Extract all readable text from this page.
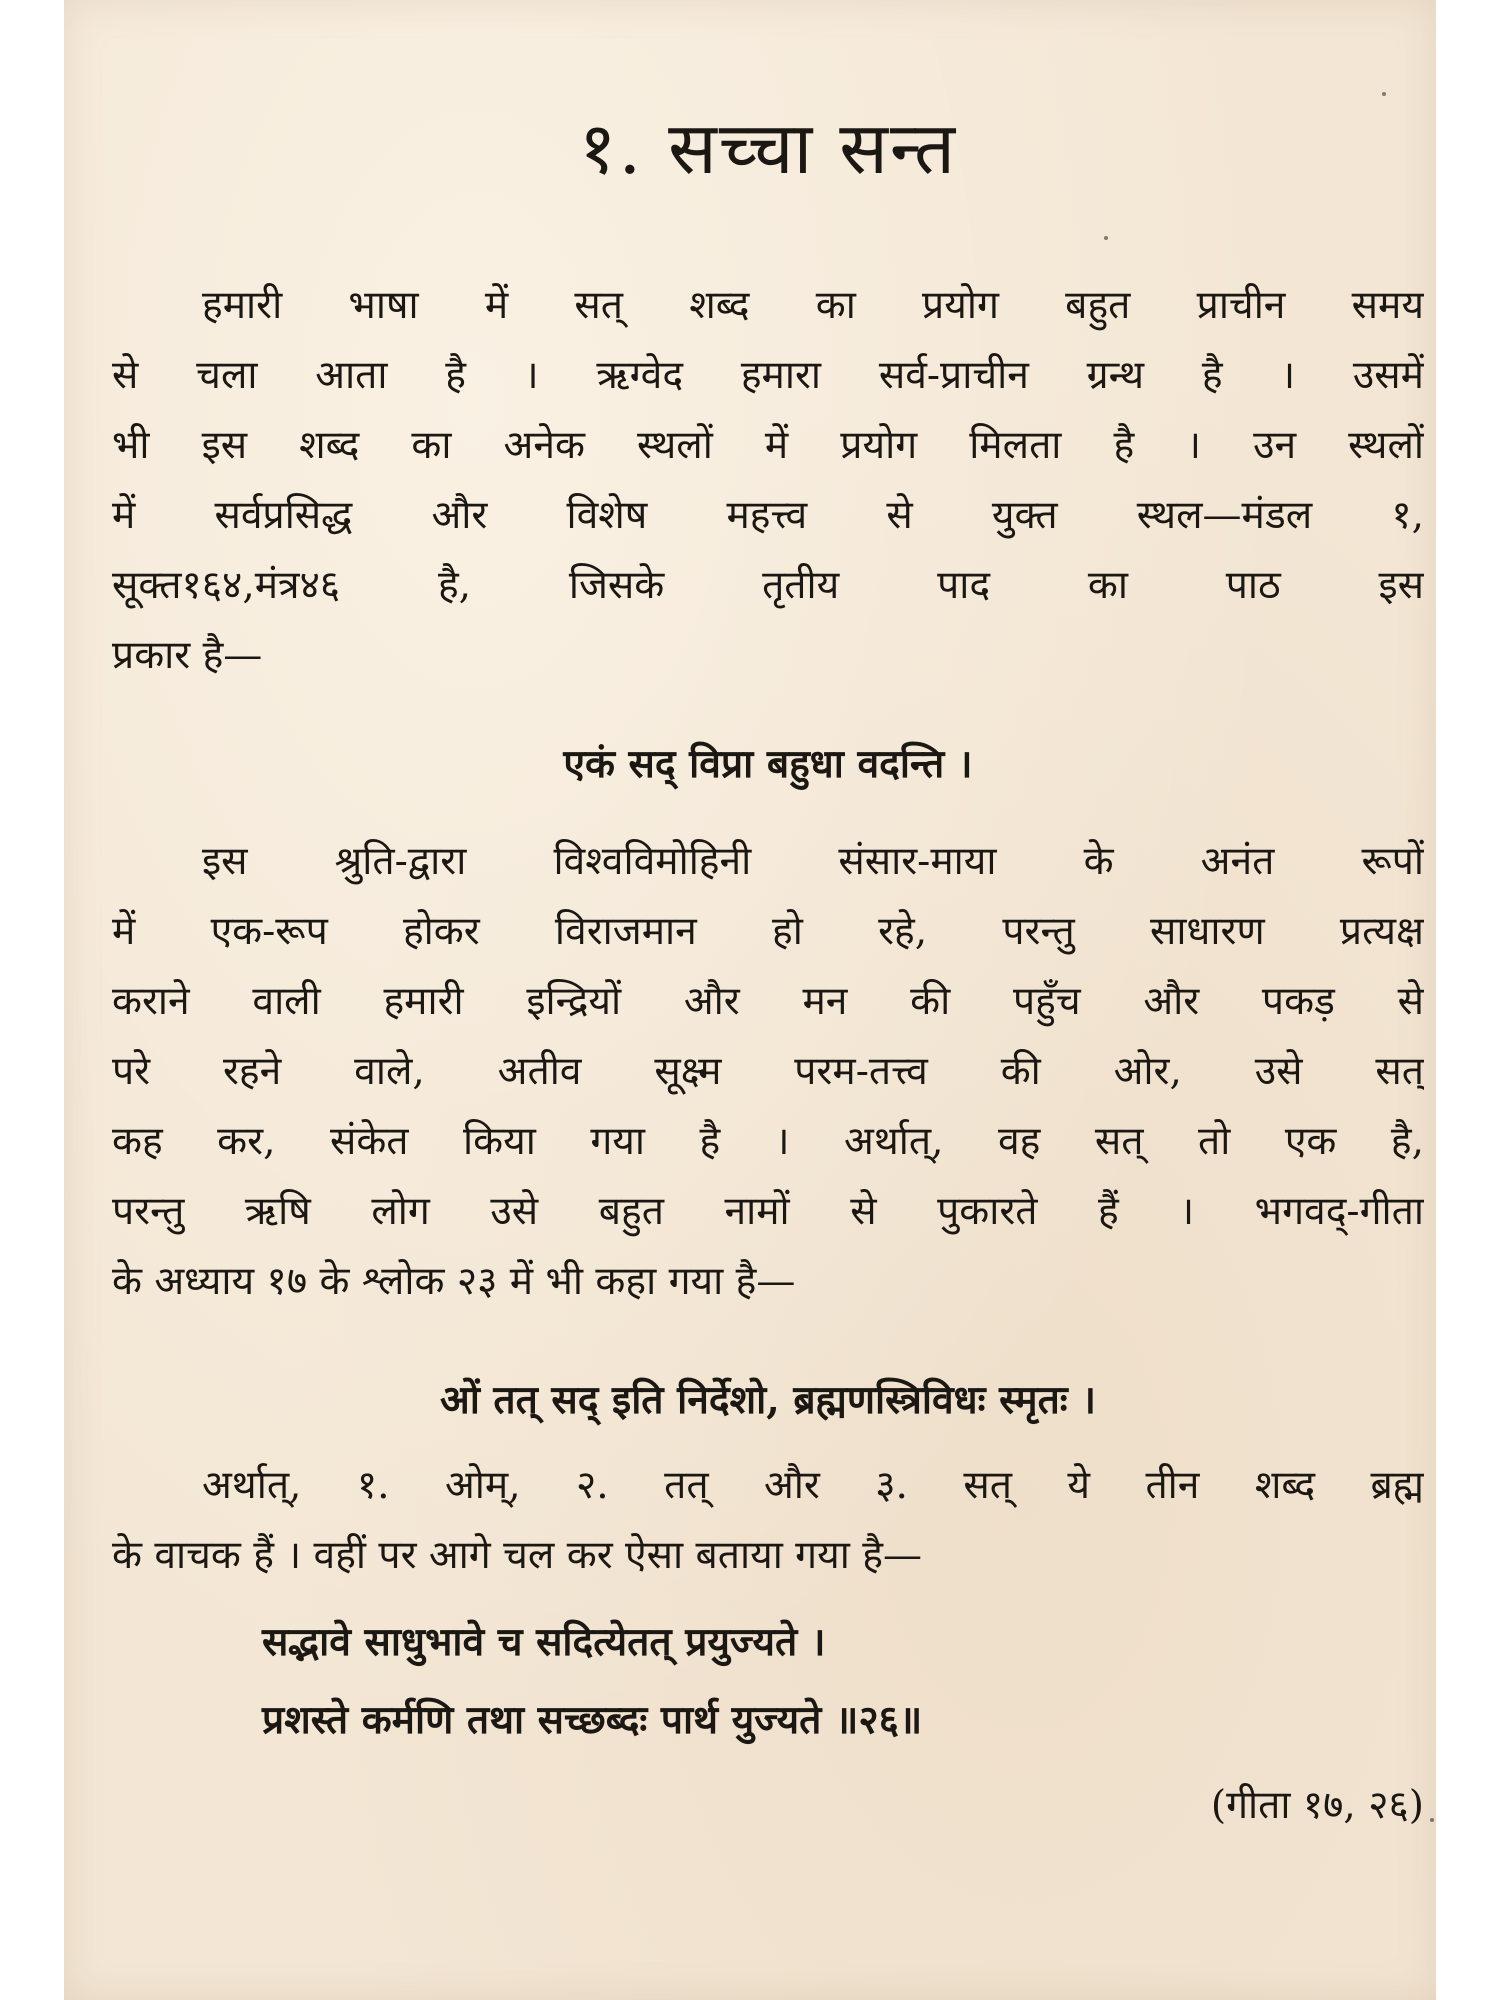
१. सच्चा सन्त
हमारी भाषा में सत् शब्द का प्रयोग बहुत प्राचीन समय
से चला आता है । ऋग्वेद हमारा सर्व-प्राचीन ग्रन्थ है । उसमें
भी इस शब्द का अनेक स्थलों में प्रयोग मिलता है । उन स्थलों
में सर्वप्रसिद्ध और विशेष महत्त्व से युक्त स्थल—मंडल १,
सूक्त१६४,मंत्र४६ है, जिसके तृतीय पाद का पाठ इस
प्रकार है—
एकं सद् विप्रा बहुधा वदन्ति ।
इस श्रुति-द्वारा विश्वविमोहिनी संसार-माया के अनंत रूपों
में एक-रूप होकर विराजमान हो रहे, परन्तु साधारण प्रत्यक्ष
कराने वाली हमारी इन्द्रियों और मन की पहुँच और पकड़ से
परे रहने वाले, अतीव सूक्ष्म परम-तत्त्व की ओर, उसे सत्
कह कर, संकेत किया गया है । अर्थात्, वह सत् तो एक है,
परन्तु ऋषि लोग उसे बहुत नामों से पुकारते हैं । भगवद्-गीता
के अध्याय १७ के श्लोक २३ में भी कहा गया है—
ओं तत् सद् इति निर्देशो, ब्रह्मणस्त्रिविधः स्मृतः ।
अर्थात्, १. ओम्, २. तत् और ३. सत् ये तीन शब्द ब्रह्म
के वाचक हैं । वहीं पर आगे चल कर ऐसा बताया गया है—
सद्भावे साधुभावे च सदित्येतत् प्रयुज्यते ।
प्रशस्ते कर्मणि तथा सच्छब्दः पार्थ युज्यते ॥२६॥
(गीता १७, २६)
